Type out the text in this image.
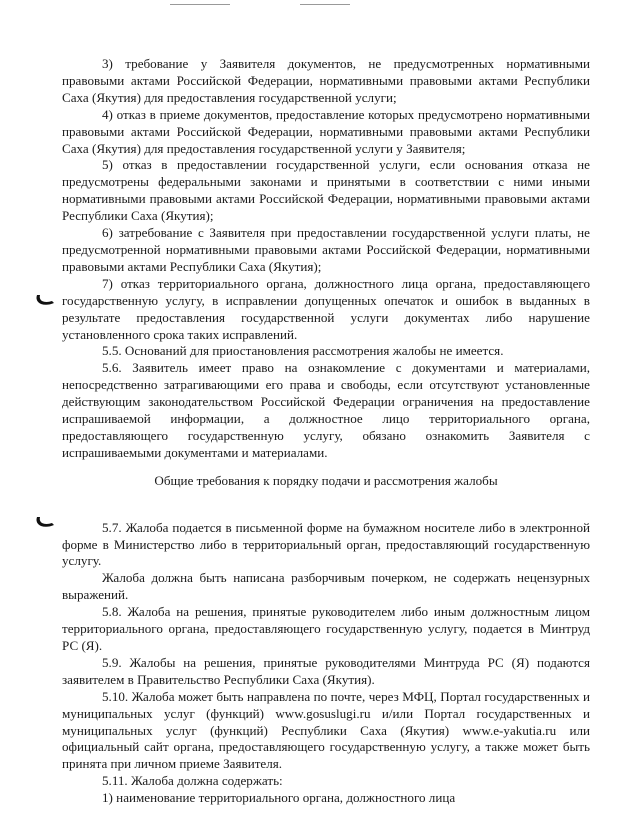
3) требование у Заявителя документов, не предусмотренных нормативными правовыми актами Российской Федерации, нормативными правовыми актами Республики Саха (Якутия) для предоставления государственной услуги;

4) отказ в приеме документов, предоставление которых предусмотрено нормативными правовыми актами Российской Федерации, нормативными правовыми актами Республики Саха (Якутия) для предоставления государственной услуги у Заявителя;

5) отказ в предоставлении государственной услуги, если основания отказа не предусмотрены федеральными законами и принятыми в соответствии с ними иными нормативными правовыми актами Российской Федерации, нормативными правовыми актами Республики Саха (Якутия);

6) затребование с Заявителя при предоставлении государственной услуги платы, не предусмотренной нормативными правовыми актами Российской Федерации, нормативными правовыми актами Республики Саха (Якутия);

7) отказ территориального органа, должностного лица органа, предоставляющего государственную услугу, в исправлении допущенных опечаток и ошибок в выданных в результате предоставления государственной услуги документах либо нарушение установленного срока таких исправлений.

5.5. Оснований для приостановления рассмотрения жалобы не имеется.

5.6. Заявитель имеет право на ознакомление с документами и материалами, непосредственно затрагивающими его права и свободы, если отсутствуют установленные действующим законодательством Российской Федерации ограничения на предоставление испрашиваемой информации, а должностное лицо территориального органа, предоставляющего государственную услугу, обязано ознакомить Заявителя с испрашиваемыми документами и материалами.

Общие требования к порядку подачи и рассмотрения жалобы

5.7. Жалоба подается в письменной форме на бумажном носителе либо в электронной форме в Министерство либо в территориальный орган, предоставляющий государственную услугу.

Жалоба должна быть написана разборчивым почерком, не содержать нецензурных выражений.

5.8. Жалоба на решения, принятые руководителем либо иным должностным лицом территориального органа, предоставляющего государственную услугу, подается в Минтруд РС (Я).

5.9. Жалобы на решения, принятые руководителями Минтруда РС (Я) подаются заявителем в Правительство Республики Саха (Якутия).

5.10. Жалоба может быть направлена по почте, через МФЦ, Портал государственных и муниципальных услуг (функций) www.gosuslugi.ru и/или Портал государственных и муниципальных услуг (функций) Республики Саха (Якутия) www.e-yakutia.ru или официальный сайт органа, предоставляющего государственную услугу, а также может быть принята при личном приеме Заявителя.

5.11. Жалоба должна содержать:

1) наименование территориального органа, должностного лица
